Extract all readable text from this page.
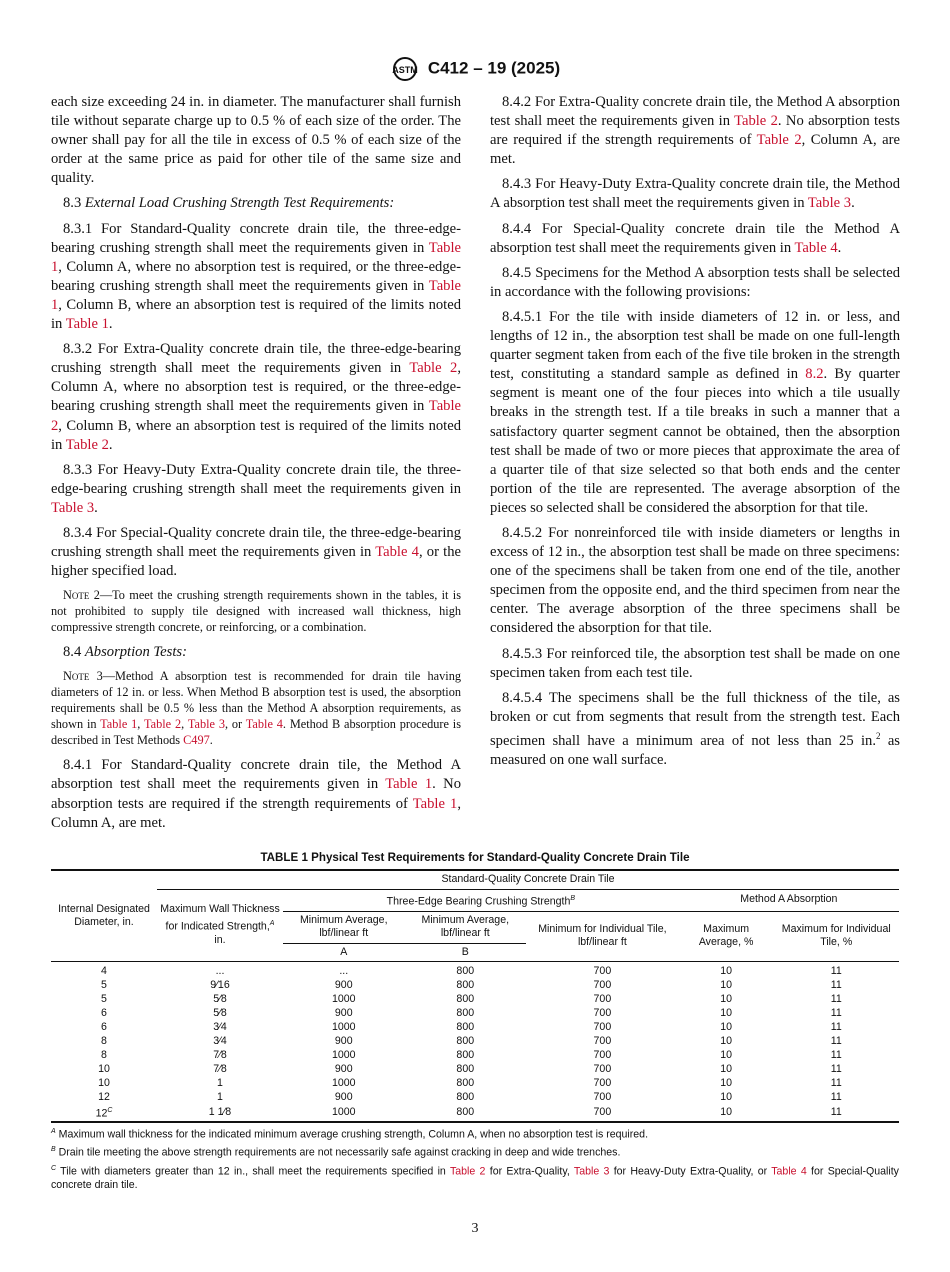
ASTM C412 – 19 (2025)

each size exceeding 24 in. in diameter. The manufacturer shall furnish tile without separate charge up to 0.5 % of each size of the order. The owner shall pay for all the tile in excess of 0.5 % of each size of the order at the same price as paid for other tile of the same size and quality.

8.3 External Load Crushing Strength Test Requirements:

8.3.1 For Standard-Quality concrete drain tile, the three-edge-bearing crushing strength shall meet the requirements given in Table 1, Column A, where no absorption test is required, or the three-edge-bearing crushing strength shall meet the requirements given in Table 1, Column B, where an absorption test is required of the limits noted in Table 1.

8.3.2 For Extra-Quality concrete drain tile, the three-edge-bearing crushing strength shall meet the requirements given in Table 2, Column A, where no absorption test is required, or the three-edge-bearing crushing strength shall meet the requirements given in Table 2, Column B, where an absorption test is required of the limits noted in Table 2.

8.3.3 For Heavy-Duty Extra-Quality concrete drain tile, the three-edge-bearing crushing strength shall meet the requirements given in Table 3.

8.3.4 For Special-Quality concrete drain tile, the three-edge-bearing crushing strength shall meet the requirements given in Table 4, or the higher specified load.

Note 2—To meet the crushing strength requirements shown in the tables, it is not prohibited to supply tile designed with increased wall thickness, high compressive strength concrete, or reinforcing, or a combination.

8.4 Absorption Tests:

Note 3—Method A absorption test is recommended for drain tile having diameters of 12 in. or less. When Method B absorption test is used, the absorption requirements shall be 0.5 % less than the Method A absorption requirements, as shown in Table 1, Table 2, Table 3, or Table 4. Method B absorption procedure is described in Test Methods C497.

8.4.1 For Standard-Quality concrete drain tile, the Method A absorption test shall meet the requirements given in Table 1. No absorption tests are required if the strength requirements of Table 1, Column A, are met.

8.4.2 For Extra-Quality concrete drain tile, the Method A absorption test shall meet the requirements given in Table 2. No absorption tests are required if the strength requirements of Table 2, Column A, are met.

8.4.3 For Heavy-Duty Extra-Quality concrete drain tile, the Method A absorption test shall meet the requirements given in Table 3.

8.4.4 For Special-Quality concrete drain tile the Method A absorption test shall meet the requirements given in Table 4.

8.4.5 Specimens for the Method A absorption tests shall be selected in accordance with the following provisions:

8.4.5.1 For the tile with inside diameters of 12 in. or less, and lengths of 12 in., the absorption test shall be made on one full-length quarter segment taken from each of the five tile broken in the strength test, constituting a standard sample as defined in 8.2. By quarter segment is meant one of the four pieces into which a tile usually breaks in the strength test. If a tile breaks in such a manner that a satisfactory quarter segment cannot be obtained, then the absorption test shall be made of two or more pieces that approximate the area of a quarter tile of that size selected so that both ends and the center portion of the tile are represented. The average absorption of the pieces so selected shall be considered the absorption for that tile.

8.4.5.2 For nonreinforced tile with inside diameters or lengths in excess of 12 in., the absorption test shall be made on three specimens: one of the specimens shall be taken from one end of the tile, another specimen from the opposite end, and the third specimen from near the center. The average absorption of the three specimens shall be considered the absorption for that tile.

8.4.5.3 For reinforced tile, the absorption test shall be made on one specimen taken from each test tile.

8.4.5.4 The specimens shall be the full thickness of the tile, as broken or cut from segments that result from the strength test. Each specimen shall have a minimum area of not less than 25 in.$^2$ as measured on one wall surface.

TABLE 1 Physical Test Requirements for Standard-Quality Concrete Drain Tile
Internal Designated Diameter, in.	Standard-Quality Concrete Drain Tile					
	Maximum Wall Thickness for Indicated Strength,$^A$ in.	Three-Edge Bearing Crushing Strength$^B$			Method A Absorption	
		Minimum Average, lbf/linear ft	Minimum Average, lbf/linear ft	Minimum for Individual Tile, lbf/linear ft	Maximum Average, %	Maximum for Individual Tile, %
		A	B			
4	...	...	800	700	10	11
5	9⁄16	900	800	700	10	11
5	5⁄8	1000	800	700	10	11
6	5⁄8	900	800	700	10	11
6	3⁄4	1000	800	700	10	11
8	3⁄4	900	800	700	10	11
8	7⁄8	1000	800	700	10	11
10	7⁄8	900	800	700	10	11
10	1	1000	800	700	10	11
12	1	900	800	700	10	11
$12^C$	1 1⁄8	1000	800	700	10	11
$^A$ Maximum wall thickness for the indicated minimum average crushing strength, Column A, when no absorption test is required.
$^B$ Drain tile meeting the above strength requirements are not necessarily safe against cracking in deep and wide trenches.
$^C$ Tile with diameters greater than 12 in., shall meet the requirements specified in Table 2 for Extra-Quality, Table 3 for Heavy-Duty Extra-Quality, or Table 4 for Special-Quality concrete drain tile.
3
